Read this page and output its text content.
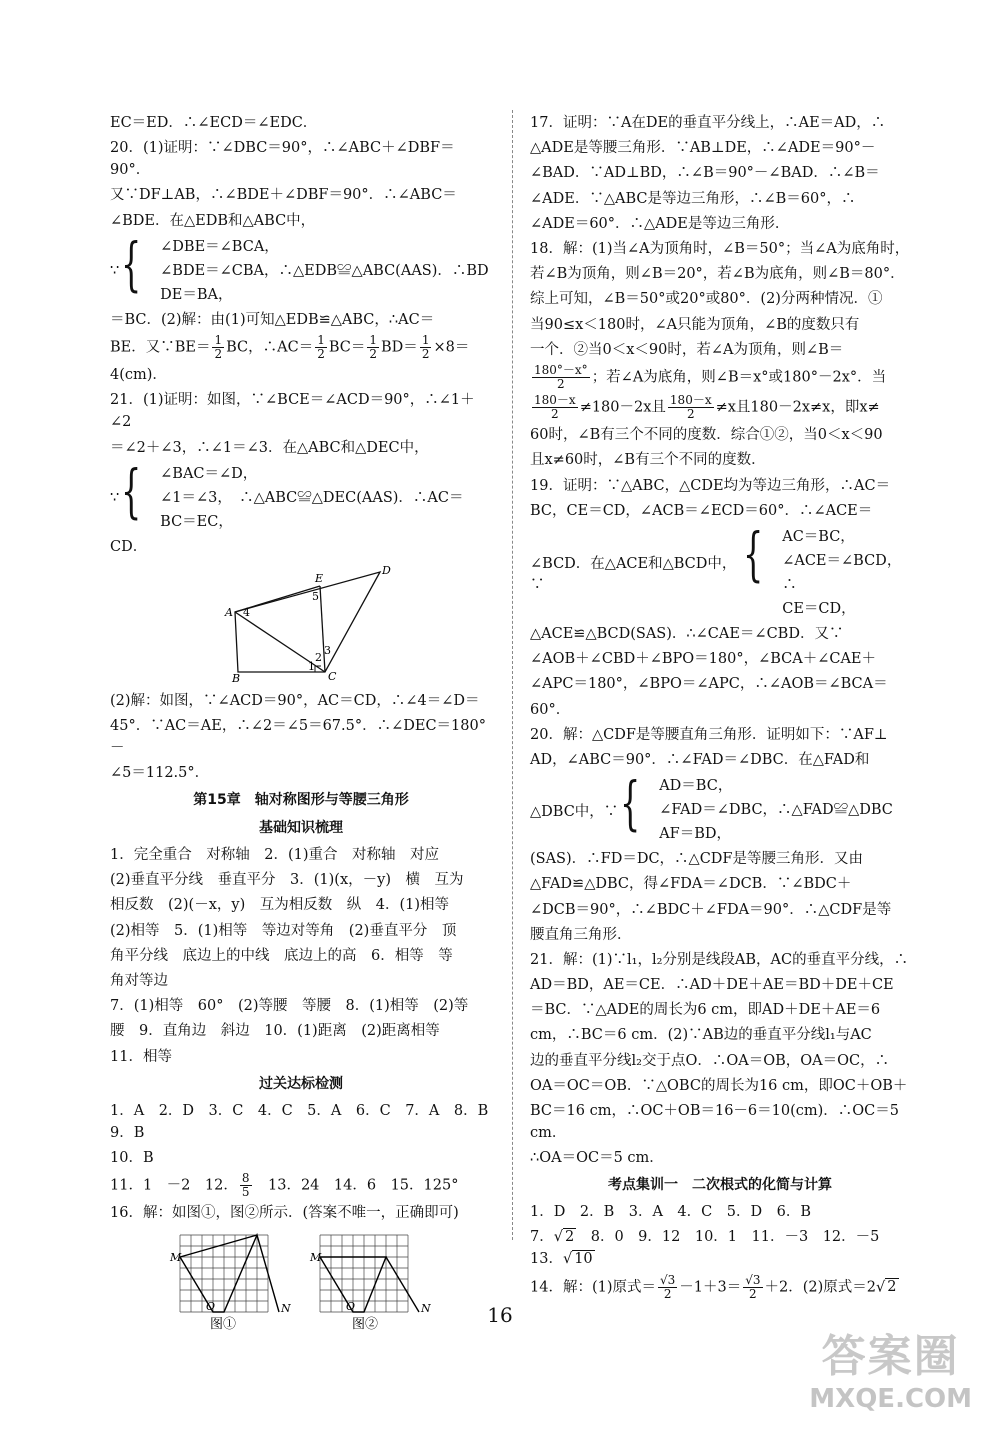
EC＝ED．∴∠ECD＝∠EDC．
20．(1)证明：∵∠DBC＝90°，∴∠ABC＋∠DBF＝90°．
又∵DF⊥AB，∴∠BDE＋∠DBF＝90°．∴∠ABC＝
∠BDE．在△EDB和△ABC中，
∵ { ∠DBE＝∠BCA，
∠BDE＝∠CBA，∴△EDB≌△ABC(AAS)．∴BD
DE＝BA，
＝BC．(2)解：由(1)可知△EDB≌△ABC，∴AC＝
BE．又∵BE＝ $\frac{1}{2}$ BC，∴AC＝ $\frac{1}{2} BC= \frac{1}{2} BD= \frac{1}{2} \times 8=$
4(cm)．
21．(1)证明：如图，∵∠BCE＝∠ACD＝90°，∴∠1＋∠2
＝∠2＋∠3，∴∠1＝∠3．在△ABC和△DEC中，
∵ { ∠BAC＝∠D，
∠1＝∠3，　∴△ABC≌△DEC(AAS)．∴AC＝
BC＝EC，
CD．
A
B	C
D
E
1
2
3
4
5
(2)解：如图，∵∠ACD＝90°，AC＝CD，∴∠4＝∠D＝
45°．∵AC＝AE，∴∠2＝∠5＝67.5°．∴∠DEC＝180°－
∠5＝112.5°．
第15章　轴对称图形与等腰三角形
基础知识梳理
1．完全重合　对称轴　2．(1)重合　对称轴　对应
(2)垂直平分线　垂直平分　3．(1)(x，－y)　横　互为
相反数　(2)(－x，y)　互为相反数　纵　4．(1)相等
(2)相等　5．(1)相等　等边对等角　(2)垂直平分　顶
角平分线　底边上的中线　底边上的高　6．相等　等
角对等边
7．(1)相等　60°　(2)等腰　等腰　8．(1)相等　(2)等
腰　9．直角边　斜边　10．(1)距离　(2)距离相等
11．相等
过关达标检测
1．A　2．D　3．C　4．C　5．A　6．C　7．A　8．B　9．B
10．B
11．1　－2　12． $\frac{8}{5}$ 　13．24　14．6　15．125°
16．解：如图①，图②所示．(答案不唯一，正确即可)
M
O	N
M
O	N
图①	图②
17．证明：∵A在DE的垂直平分线上，∴AE＝AD，∴
△ADE是等腰三角形．∵AB⊥DE，∴∠ADE＝90°－
∠BAD．∵AD⊥BD，∴∠B＝90°－∠BAD．∴∠B＝
∠ADE．∵△ABC是等边三角形，∴∠B＝60°，∴
∠ADE＝60°．∴△ADE是等边三角形．
18．解：(1)当∠A为顶角时，∠B＝50°；当∠A为底角时，
若∠B为顶角，则∠B＝20°，若∠B为底角，则∠B＝80°．
综上可知，∠B＝50°或20°或80°．(2)分两种情况．①
当90≤x＜180时，∠A只能为顶角，∠B的度数只有
一个．②当0＜x＜90时，若∠A为顶角，则∠B＝
$\frac{180^\circ-x^\circ}{2}$ ；若∠A为底角，则∠B＝x°或180°－2x°．当
$\frac{180-x}{2} \ne 180-2x$且 $\frac{180-x}{2} \ne x$且180－2x≠x，即x≠
60时，∠B有三个不同的度数．综合①②，当0＜x＜90
且x≠60时，∠B有三个不同的度数．
19．证明：∵△ABC，△CDE均为等边三角形，∴AC＝
BC，CE＝CD，∠ACB＝∠ECD＝60°．∴∠ACE＝
∠BCD．在△ACE和△BCD中，∵	{ AC＝BC，
∠ACE＝∠BCD，∴
CE＝CD，
△ACE≌△BCD(SAS)．∴∠CAE＝∠CBD．又∵
∠AOB＋∠CBD＋∠BPO＝180°，∠BCA＋∠CAE＋
∠APC＝180°，∠BPO＝∠APC，∴∠AOB＝∠BCA＝
60°．
20．解：△CDF是等腰直角三角形．证明如下：∵AF⊥
AD，∠ABC＝90°．∴∠FAD＝∠DBC．在△FAD和
△DBC中，∵ { AD＝BC，
∠FAD＝∠DBC，∴△FAD≌△DBC
AF＝BD，
(SAS)．∴FD＝DC，∴△CDF是等腰三角形．又由
△FAD≌△DBC，得∠FDA＝∠DCB．∵∠BDC＋
∠DCB＝90°，∴∠BDC＋∠FDA＝90°．∴△CDF是等
腰直角三角形．
21．解：(1)∵l₁，l₂分别是线段AB，AC的垂直平分线，∴
AD＝BD，AE＝CE．∴AD＋DE＋AE＝BD＋DE＋CE
＝BC．∵△ADE的周长为6 cm，即AD＋DE＋AE＝6
cm，∴BC＝6 cm．(2)∵AB边的垂直平分线l₁与AC
边的垂直平分线l₂交于点O．∴OA＝OB，OA＝OC，∴
OA＝OC＝OB．∵△OBC的周长为16 cm，即OC＋OB＋
BC＝16 cm，∴OC＋OB＝16－6＝10(cm)．∴OC＝5 cm．
∴OA＝OC＝5 cm．
考点集训一　二次根式的化简与计算
1．D　2．B　3．A　4．C　5．D　6．B
7．√ 2　8．0　9．12　10．1　11．－3　12．－5　13．√ 10
14．解：(1)原式＝ $\frac{√3}{2} -1+3= \frac{√3}{2} +2$．(2)原式＝2√ 2
16
答案圈
MXQE.COM
